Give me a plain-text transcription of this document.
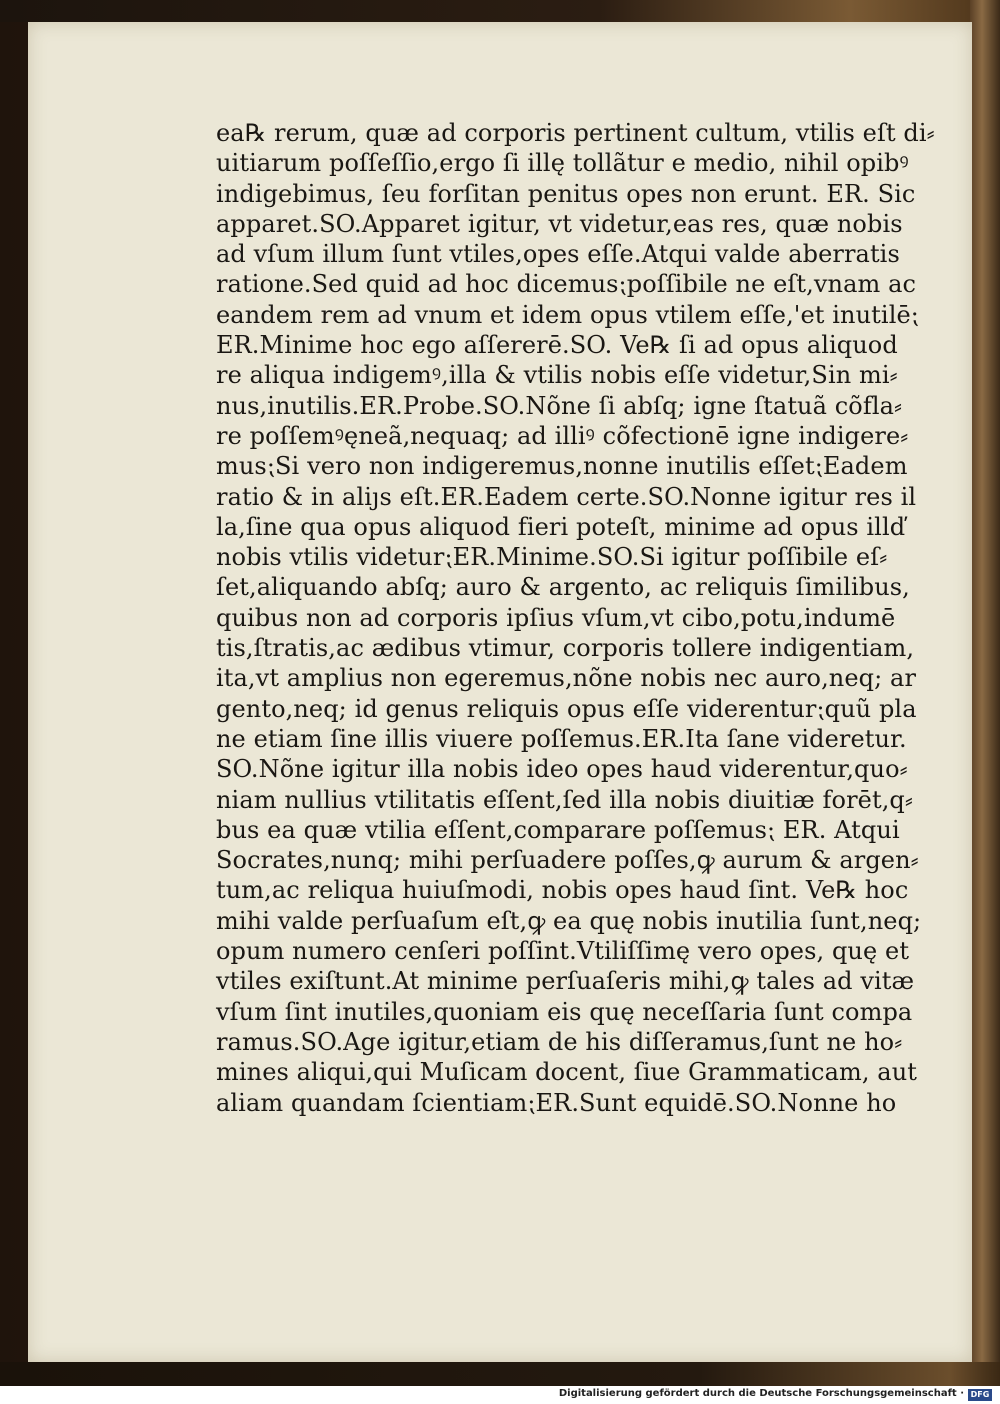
ea℞ rerum, quæ ad corporis pertinent cultum, vtilis eſt di⸗
uitiarum poſſeſſio,ergo ſi illę tollãtur e medio, nihil opibꝰ
indigebimus, ſeu forſitan penitus opes non erunt. ER. Sic
apparet.SO.Apparet igitur, vt videtur,eas res, quæ nobis
ad vſum illum ſunt vtiles,opes eſſe.Atqui valde aberratis
ratione.Sed quid ad hoc dicemus⁏poſſibile ne eſt,vnam ac
eandem rem ad vnum et idem opus vtilem eſſe,'et inutilē⁏
ER.Minime hoc ego aſſererē.SO. Ve℞ ſi ad opus aliquod
re aliqua indigemꝰ,illa & vtilis nobis eſſe videtur,Sin mi⸗
nus,inutilis.ER.Probe.SO.Nõne ſi abſq; igne ſtatuã cõfla⸗
re poſſemꝰęneã,nequaq; ad illiꝰ cõfectionē igne indigere⸗
mus⁏Si vero non indigeremus,nonne inutilis eſſet⁏Eadem
ratio & in aliȷs eſt.ER.Eadem certe.SO.Nonne igitur res il
la,ſine qua opus aliquod fieri poteſt, minime ad opus illď
nobis vtilis videtur⁏ER.Minime.SO.Si igitur poſſibile eſ⸗
ſet,aliquando abſq; auro & argento, ac reliquis ſimilibus,
quibus non ad corporis ipſius vſum,vt cibo,potu,indumē
tis,ſtratis,ac ædibus vtimur, corporis tollere indigentiam,
ita,vt amplius non egeremus,nõne nobis nec auro,neq; ar
gento,neq; id genus reliquis opus eſſe viderentur⁏quũ pla
ne etiam ſine illis viuere poſſemus.ER.Ita ſane videretur.
SO.Nõne igitur illa nobis ideo opes haud viderentur,quo⸗
niam nullius vtilitatis eſſent,ſed illa nobis diuitiæ forēt,q⸗
bus ea quæ vtilia eſſent,comparare poſſemus⁏ ER. Atqui
Socrates,nunq; mihi perſuadere poſſes,ꝙ aurum & argen⸗
tum,ac reliqua huiuſmodi, nobis opes haud ſint. Ve℞ hoc
mihi valde perſuaſum eſt,ꝙ ea quę nobis inutilia ſunt,neq;
opum numero cenſeri poſſint.Vtiliſſimę vero opes, quę et
vtiles exiſtunt.At minime perſuaſeris mihi,ꝙ tales ad vitæ
vſum ſint inutiles,quoniam eis quę neceſſaria ſunt compa
ramus.SO.Age igitur,etiam de his diſſeramus,ſunt ne ho⸗
mines aliqui,qui Muſicam docent, ſiue Grammaticam, aut
aliam quandam ſcientiam⁏ER.Sunt equidē.SO.Nonne ho
Digitalisierung gefördert durch die Deutsche Forschungsgemeinschaft · DFG
